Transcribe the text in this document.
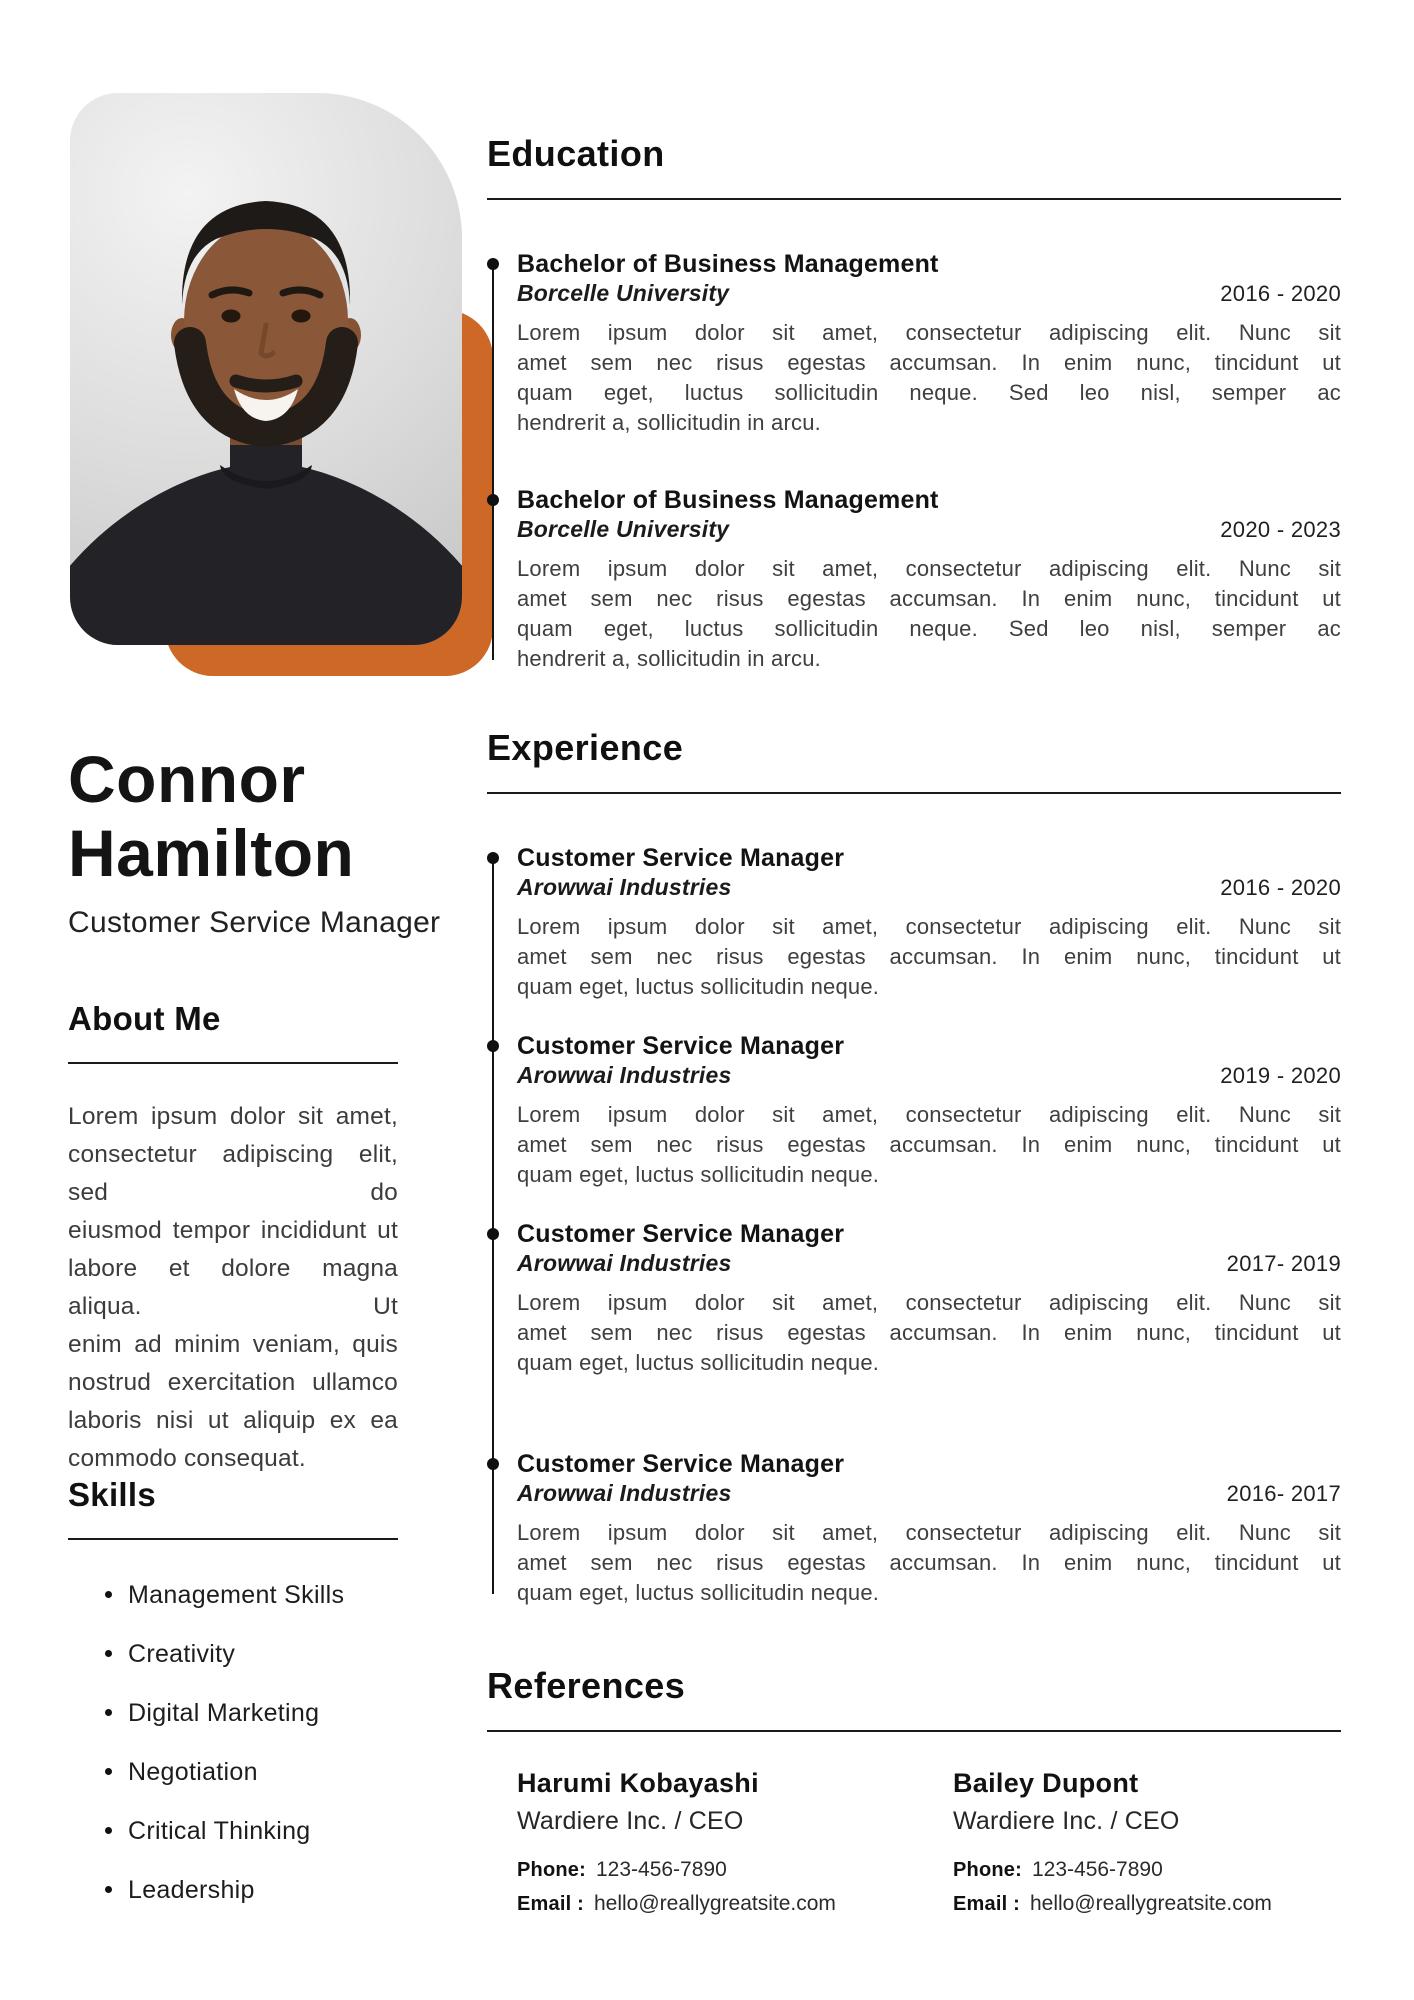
Connor
Hamilton
Customer Service Manager
About Me
Lorem ipsum dolor sit amet,
consectetur adipiscing elit, sed do
eiusmod tempor incididunt ut
labore et dolore magna aliqua. Ut
enim ad minim veniam, quis
nostrud exercitation ullamco
laboris nisi ut aliquip ex ea
commodo consequat.
Skills
Management Skills
Creativity
Digital Marketing
Negotiation
Critical Thinking
Leadership
Education
Bachelor of Business Management
Borcelle University	2016 - 2020
Lorem ipsum dolor sit amet, consectetur adipiscing elit. Nunc sit
amet sem nec risus egestas accumsan. In enim nunc, tincidunt ut
quam eget, luctus sollicitudin neque. Sed leo nisl, semper ac
hendrerit a, sollicitudin in arcu.
Bachelor of Business Management
Borcelle University	2020 - 2023
Lorem ipsum dolor sit amet, consectetur adipiscing elit. Nunc sit
amet sem nec risus egestas accumsan. In enim nunc, tincidunt ut
quam eget, luctus sollicitudin neque. Sed leo nisl, semper ac
hendrerit a, sollicitudin in arcu.
Experience
Customer Service Manager
Arowwai Industries	2016 - 2020
Lorem ipsum dolor sit amet, consectetur adipiscing elit. Nunc sit
amet sem nec risus egestas accumsan. In enim nunc, tincidunt ut
quam eget, luctus sollicitudin neque.
Customer Service Manager
Arowwai Industries	2019 - 2020
Lorem ipsum dolor sit amet, consectetur adipiscing elit. Nunc sit
amet sem nec risus egestas accumsan. In enim nunc, tincidunt ut
quam eget, luctus sollicitudin neque.
Customer Service Manager
Arowwai Industries	2017- 2019
Lorem ipsum dolor sit amet, consectetur adipiscing elit. Nunc sit
amet sem nec risus egestas accumsan. In enim nunc, tincidunt ut
quam eget, luctus sollicitudin neque.
Customer Service Manager
Arowwai Industries	2016- 2017
Lorem ipsum dolor sit amet, consectetur adipiscing elit. Nunc sit
amet sem nec risus egestas accumsan. In enim nunc, tincidunt ut
quam eget, luctus sollicitudin neque.
References
Harumi Kobayashi
Wardiere Inc. / CEO
Phone: 123-456-7890
Email : hello@reallygreatsite.com
Bailey Dupont
Wardiere Inc. / CEO
Phone: 123-456-7890
Email : hello@reallygreatsite.com
